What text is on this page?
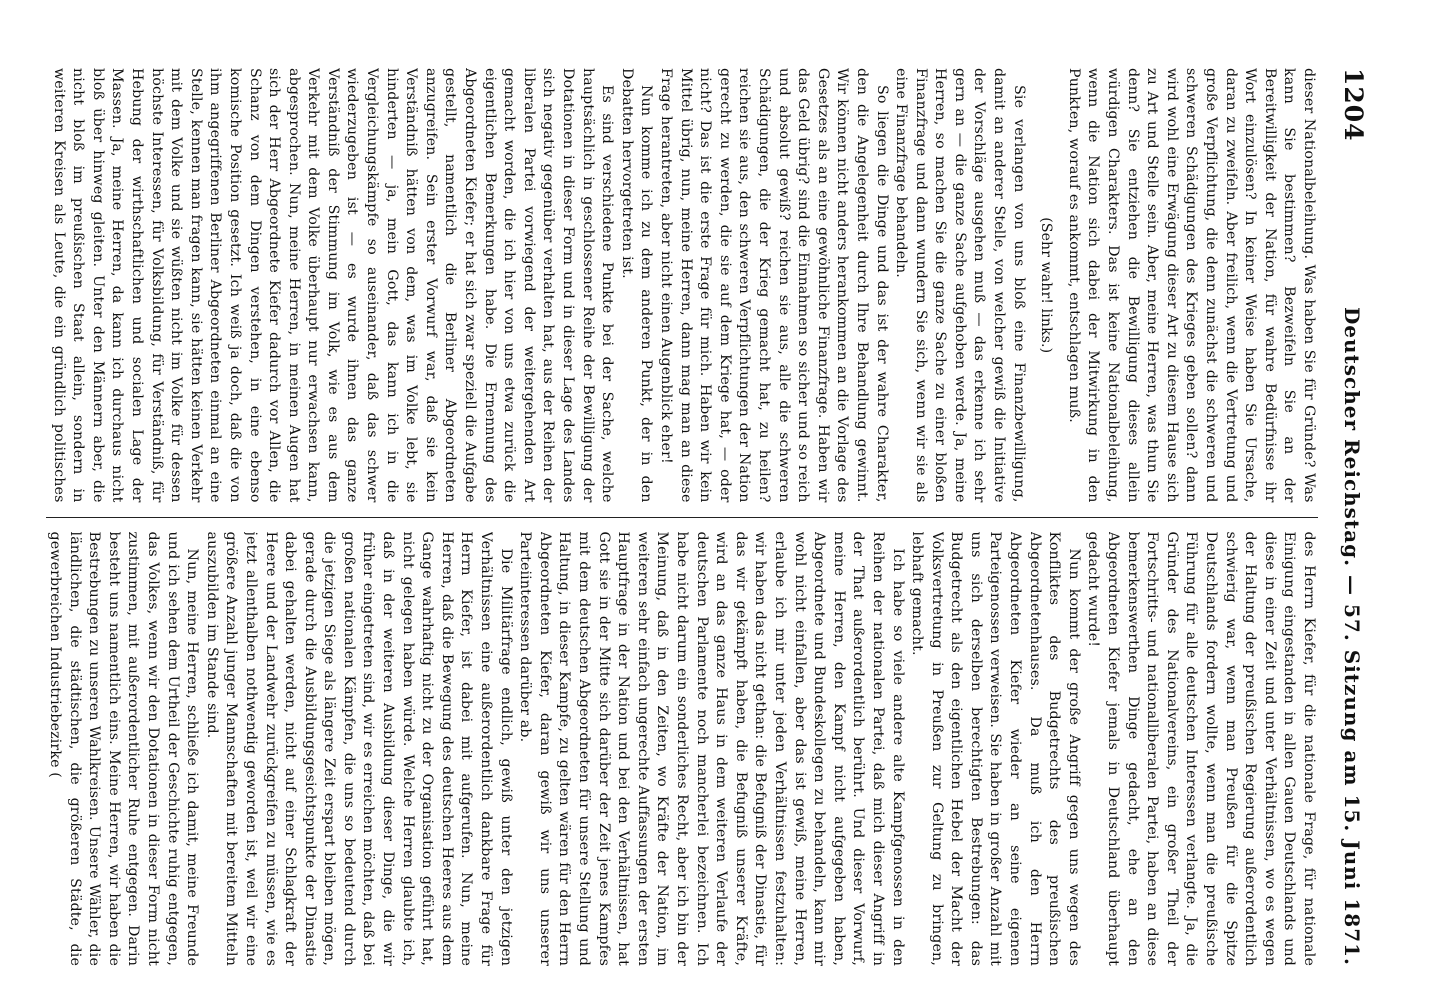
1204
Deutscher Reichstag. — 57. Sitzung am 15. Juni 1871.

dieser Nationalbeleihung. Was haben Sie für Gründe? Was kann Sie bestimmen? Bezweifeln Sie an der Bereitwilligkeit der Nation, für wahre Bedürfnisse ihr Wort einzulösen? In keiner Weise haben Sie Ursache, daran zu zweifeln. Aber freilich, wenn die Vertretung und große Verpflichtung, die denn zunächst die schweren und schweren Schädigungen des Krieges geben sollen? dann wird wohl eine Erwägung dieser Art zu diesem Hause sich zu Art und Stelle sein. Aber, meine Herren, was thun Sie denn? Sie entziehen die Bewilligung dieses allein würdigen Charakters. Das ist keine Nationalbeleihung, wenn die Nation sich dabei der Mitwirkung in den Punkten, worauf es ankommt, entschlagen muß.

(Sehr wahr! links.)

Sie verlangen von uns bloß eine Finanzbewilligung, damit an anderer Stelle, von welcher gewiß die Initiative der Vorschläge ausgehen muß — das erkenne ich sehr gern an — die ganze Sache aufgehoben werde. Ja, meine Herren, so machen Sie die ganze Sache zu einer bloßen Finanzfrage und dann wundern Sie sich, wenn wir sie als eine Finanzfrage behandeln.

So liegen die Dinge und das ist der wahre Charakter, den die Angelegenheit durch Ihre Behandlung gewinnt. Wir können nicht anders herankommen an die Vorlage des Gesetzes als an eine gewöhnliche Finanzfrage. Haben wir das Geld übrig? sind die Einnahmen so sicher und so reich und absolut gewiß? reichen sie aus, alle die schweren Schädigungen, die der Krieg gemacht hat, zu heilen? reichen sie aus, den schweren Verpflichtungen der Nation gerecht zu werden, die sie auf dem Kriege hat, — oder nicht? Das ist die erste Frage für mich. Haben wir kein Mittel übrig, nun, meine Herren, dann mag man an diese Frage herantreten, aber nicht einen Augenblick eher!

Nun komme ich zu dem anderen Punkt, der in den Debatten hervorgetreten ist.

Es sind verschiedene Punkte bei der Sache, welche hauptsächlich in geschlossener Reihe der Bewilligung der Dotationen in dieser Form und in dieser Lage des Landes sich negativ gegenüber verhalten hat, aus der Reihen der liberalen Partei vorwiegend der weitergehenden Art gemacht worden, die ich hier von uns etwa zurück die eigentlichen Bemerkungen habe. Die Ernennung des Abgeordneten Kiefer; er hat sich zwar speziell die Aufgabe gestellt, namentlich die Berliner Abgeordneten anzugreifen. Sein erster Vorwurf war, daß sie kein Verständniß hätten von dem, was im Volke lebt, sie hinderten — ja, mein Gott, das kann ich in die Vergleichungskämpfe so auseinander, daß das schwer wiederzugeben ist — es wurde ihnen das ganze Verständniß der Stimmung im Volk, wie es aus dem Verkehr mit dem Volke überhaupt nur erwachsen kann, abgesprochen. Nun, meine Herren, in meinen Augen hat sich der Herr Abgeordnete Kiefer dadurch vor Allen, die Schanz von dem Dingen verstehen, in eine ebenso komische Position gesetzt. Ich weiß ja doch, daß die von ihm angegriffenen Berliner Abgeordneten einmal an eine Stelle, kennen man fragen kann, sie hätten keinen Verkehr mit dem Volke und sie wüßten nicht im Volke für dessen höchste Interessen, für Volksbildung, für Verständniß, für Hebung der wirthschaftlichen und socialen Lage der Massen. Ja, meine Herren, da kann ich durchaus nicht bloß über hinweg gleiten. Unter den Männern aber, die nicht bloß im preußischen Staat allein, sondern in weiteren Kreisen als Leute, die ein gründlich politisches

des Herrn Kiefer, für die nationale Frage, für nationale Einigung eingestanden in allen Gauen Deutschlands und diese in einer Zeit und unter Verhältnissen, wo es wegen der Haltung der preußischen Regierung außerordentlich schwierig war, wenn man Preußen für die Spitze Deutschlands fordern wollte, wenn man die preußische Führung für alle deutschen Interessen verlangte. Ja, die Gründer des Nationalvereins, ein großer Theil der Fortschritts- und nationalliberalen Partei, haben an diese bemerkenswerthen Dinge gedacht, ehe an den Abgeordneten Kiefer jemals in Deutschland überhaupt gedacht wurde!

Nun kommt der große Angriff gegen uns wegen des Konfliktes des Budgetrechts des preußischen Abgeordnetenhauses. Da muß ich den Herrn Abgeordneten Kiefer wieder an seine eigenen Parteigenossen verweisen. Sie haben in großer Anzahl mit uns sich derselben berechtigten Bestrebungen: das Budgetrecht als den eigentlichen Hebel der Macht der Volksvertretung in Preußen zur Geltung zu bringen, lebhaft gemacht.

Ich habe so viele andere alte Kampfgenossen in den Reihen der nationalen Partei, daß mich dieser Angriff in der That außerordentlich berührt. Und dieser Vorwurf, meine Herren, den Kampf nicht aufgegeben haben, Abgeordnete und Bundeskollegen zu behandeln, kann mir wohl nicht einfallen, aber das ist gewiß, meine Herren, erlaube ich mir unter jeden Verhältnissen festzuhalten: wir haben das nicht gethan: die Befugniß der Dinastie, für das wir gekämpft haben, die Befugniß unserer Kräfte, wird an das ganze Haus in dem weiteren Verlaufe der deutschen Parlamente noch mancherlei bezeichnen. Ich habe nicht darum ein sonderliches Recht, aber ich bin der Meinung, daß in den Zeiten, wo Kräfte der Nation, im weiteren sehr einfach ungerechte Auffassungen der ersten Hauptfrage in der Nation und bei den Verhältnissen, hat Gott sie in der Mitte sich darüber der Zeit jenes Kampfes mit dem deutschen Abgeordneten für unsere Stellung und Haltung, in dieser Kampfe, zu gelten wären für den Herrn Abgeordneten Kiefer, daran gewiß wir uns unserer Parteiinteressen darüber ab.

Die Militärfrage endlich, gewiß unter den jetzigen Verhältnissen eine außerordentlich dankbare Frage für Herrn Kiefer, ist dabei mit aufgerufen. Nun, meine Herren, daß die Bewegung des deutschen Heeres aus dem Gange wahrhaftig nicht zu der Organisation geführt hat, nicht gelegen haben würde. Welche Herren glaubte ich, daß in der weiteren Ausbildung dieser Dinge, die wir früher eingetreten sind, wir es erreichen möchten, daß bei großen nationalen Kämpfen, die uns so bedeutend durch die jetzigen Siege als längere Zeit erspart bleiben mögen, gerade durch die Ausbildungsgesichtspunkte der Dinastie dabei gehalten werden, nicht auf einer Schlagkraft der Heere und der Landwehr zurückgreifen zu müssen, wie es jetzt allenthalben nothwendig geworden ist, weil wir eine größere Anzahl junger Mannschaften mit bereitem Mitteln auszubilden im Stande sind.

Nun, meine Herren, schließe ich damit, meine Freunde und ich sehen dem Urtheil der Geschichte ruhig entgegen, das Volkes, wenn wir den Dotationen in dieser Form nicht zustimmen, mit außerordentlicher Ruhe entgegen. Darin besteht uns namentlich eins. Meine Herren, wir haben die Bestrebungen zu unseren Wahlkreisen. Unsere Wähler, die ländlichen, die städtischen, die größeren Städte, die gewerbreichen Industriebezirke (
